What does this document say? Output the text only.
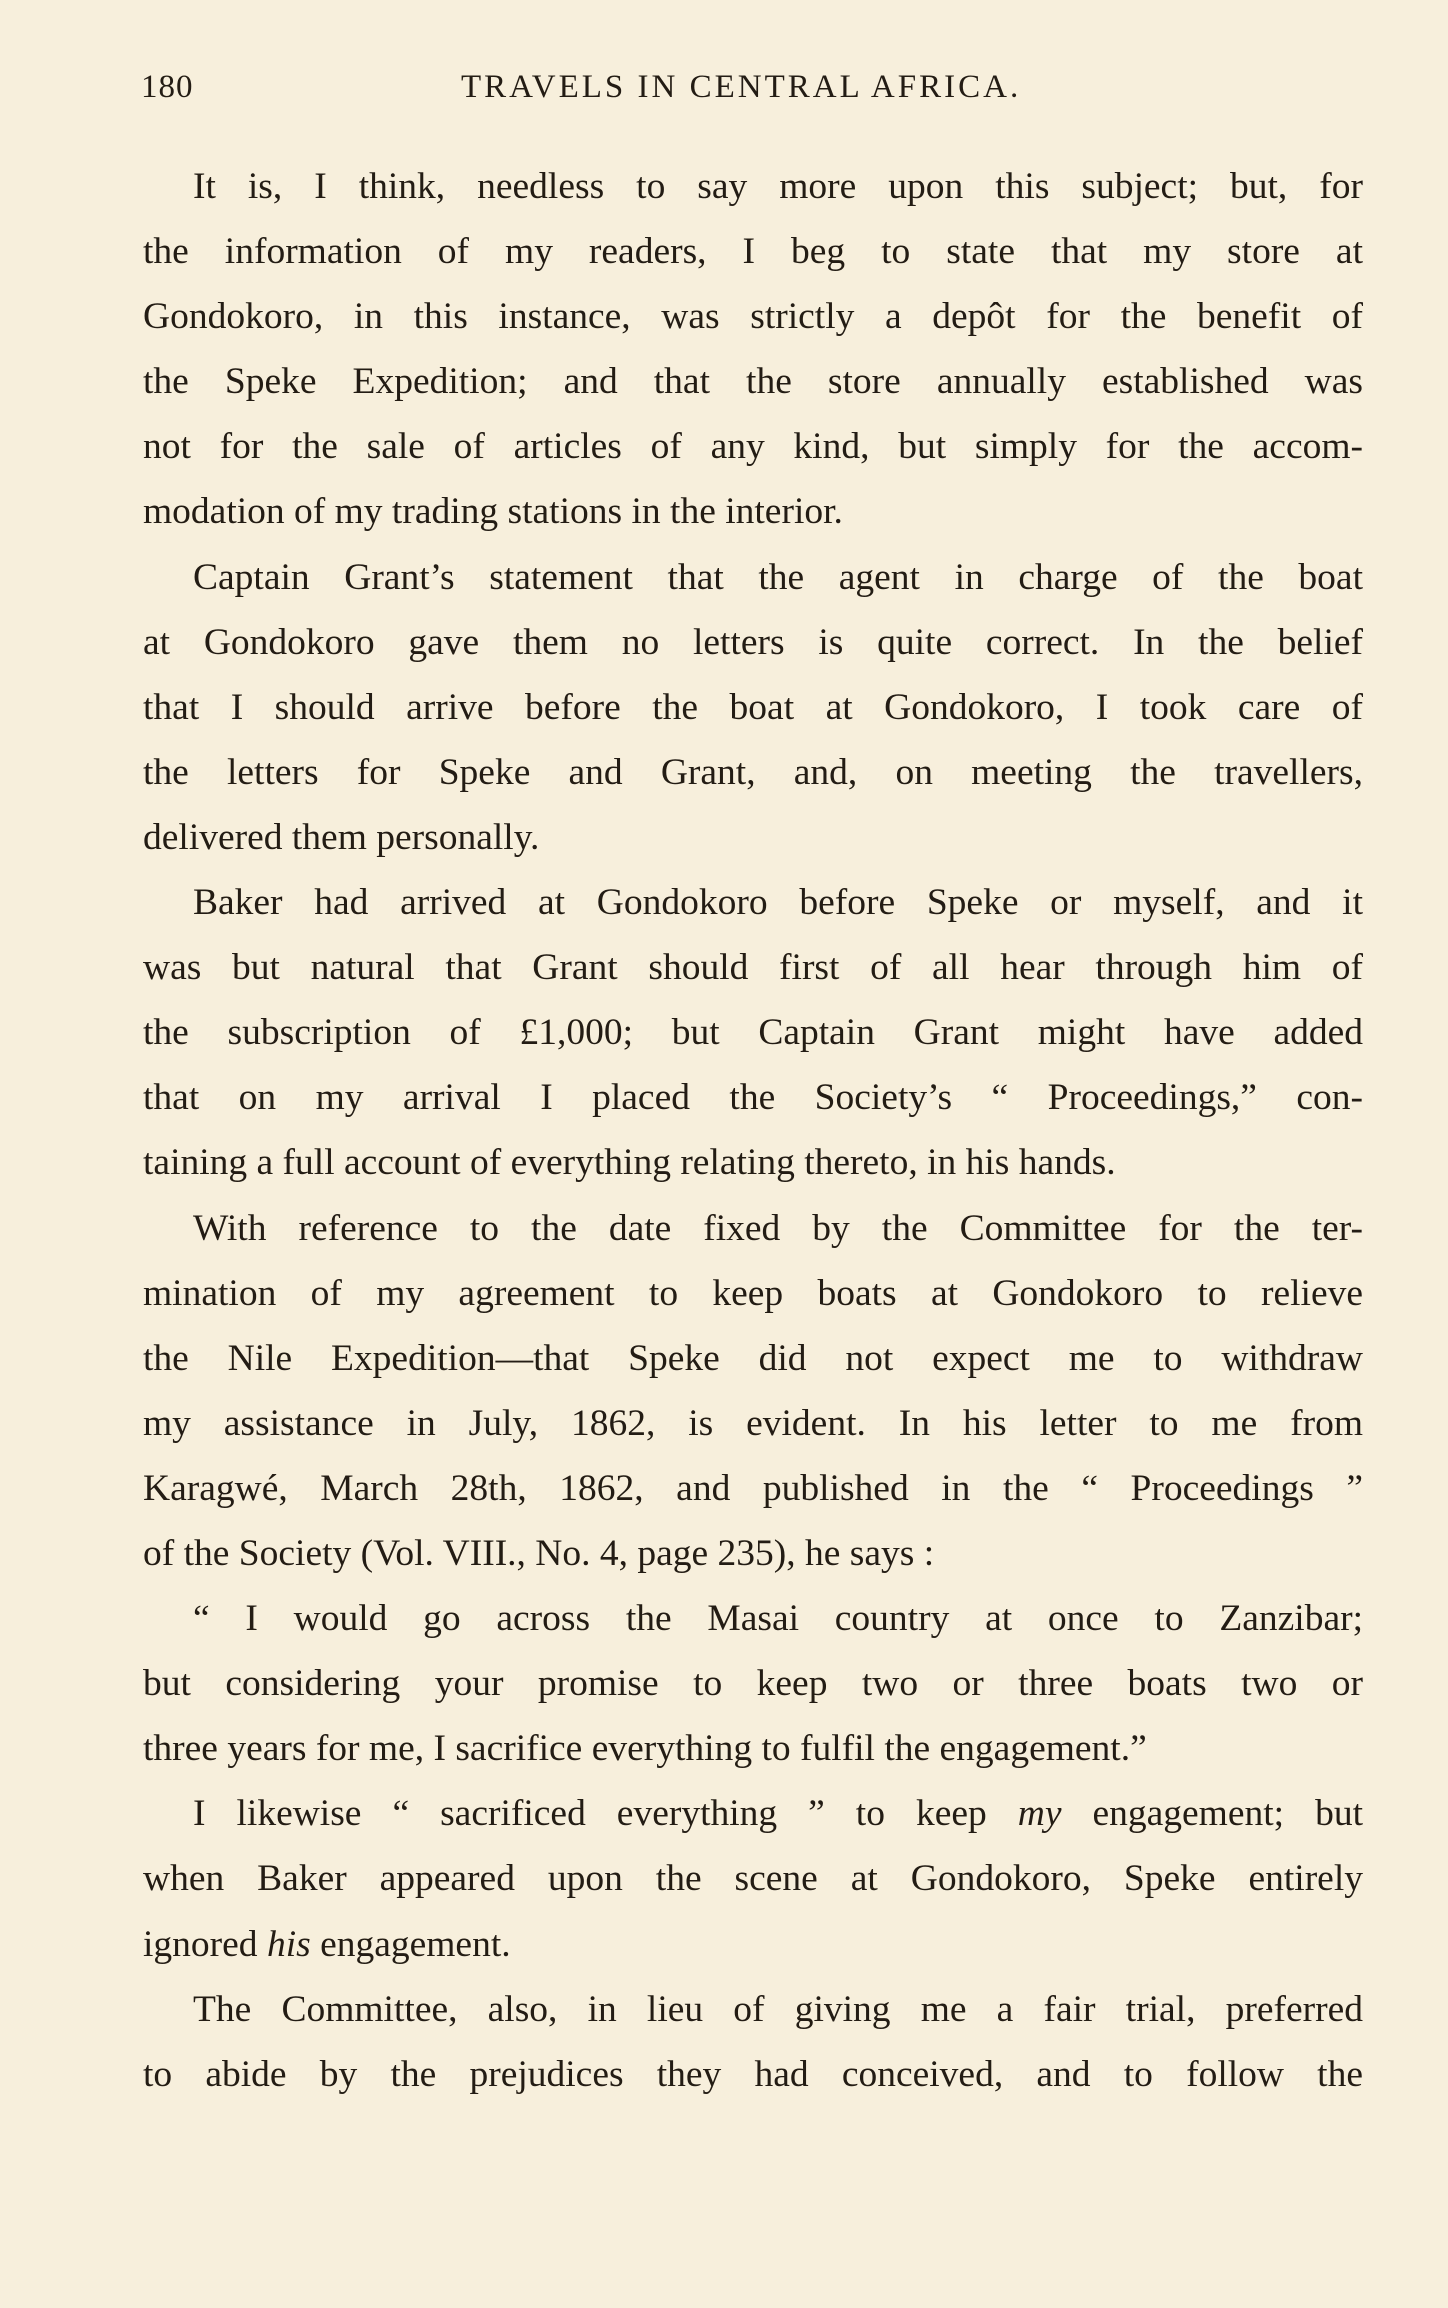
180	TRAVELS IN CENTRAL AFRICA.
It is, I think, needless to say more upon this subject; but, for
the information of my readers, I beg to state that my store at
Gondokoro, in this instance, was strictly a depôt for the benefit of
the Speke Expedition; and that the store annually established was
not for the sale of articles of any kind, but simply for the accom-
modation of my trading stations in the interior.
Captain Grant’s statement that the agent in charge of the boat
at Gondokoro gave them no letters is quite correct. In the belief
that I should arrive before the boat at Gondokoro, I took care of
the letters for Speke and Grant, and, on meeting the travellers,
delivered them personally.
Baker had arrived at Gondokoro before Speke or myself, and it
was but natural that Grant should first of all hear through him of
the subscription of £1,000; but Captain Grant might have added
that on my arrival I placed the Society’s “ Proceedings,” con-
taining a full account of everything relating thereto, in his hands.
With reference to the date fixed by the Committee for the ter-
mination of my agreement to keep boats at Gondokoro to relieve
the Nile Expedition—that Speke did not expect me to withdraw
my assistance in July, 1862, is evident. In his letter to me from
Karagwé, March 28th, 1862, and published in the “ Proceedings ”
of the Society (Vol. VIII., No. 4, page 235), he says :
“ I would go across the Masai country at once to Zanzibar;
but considering your promise to keep two or three boats two or
three years for me, I sacrifice everything to fulfil the engagement.”
I likewise “ sacrificed everything ” to keep my engagement; but
when Baker appeared upon the scene at Gondokoro, Speke entirely
ignored his engagement.
The Committee, also, in lieu of giving me a fair trial, preferred
to abide by the prejudices they had conceived, and to follow the
